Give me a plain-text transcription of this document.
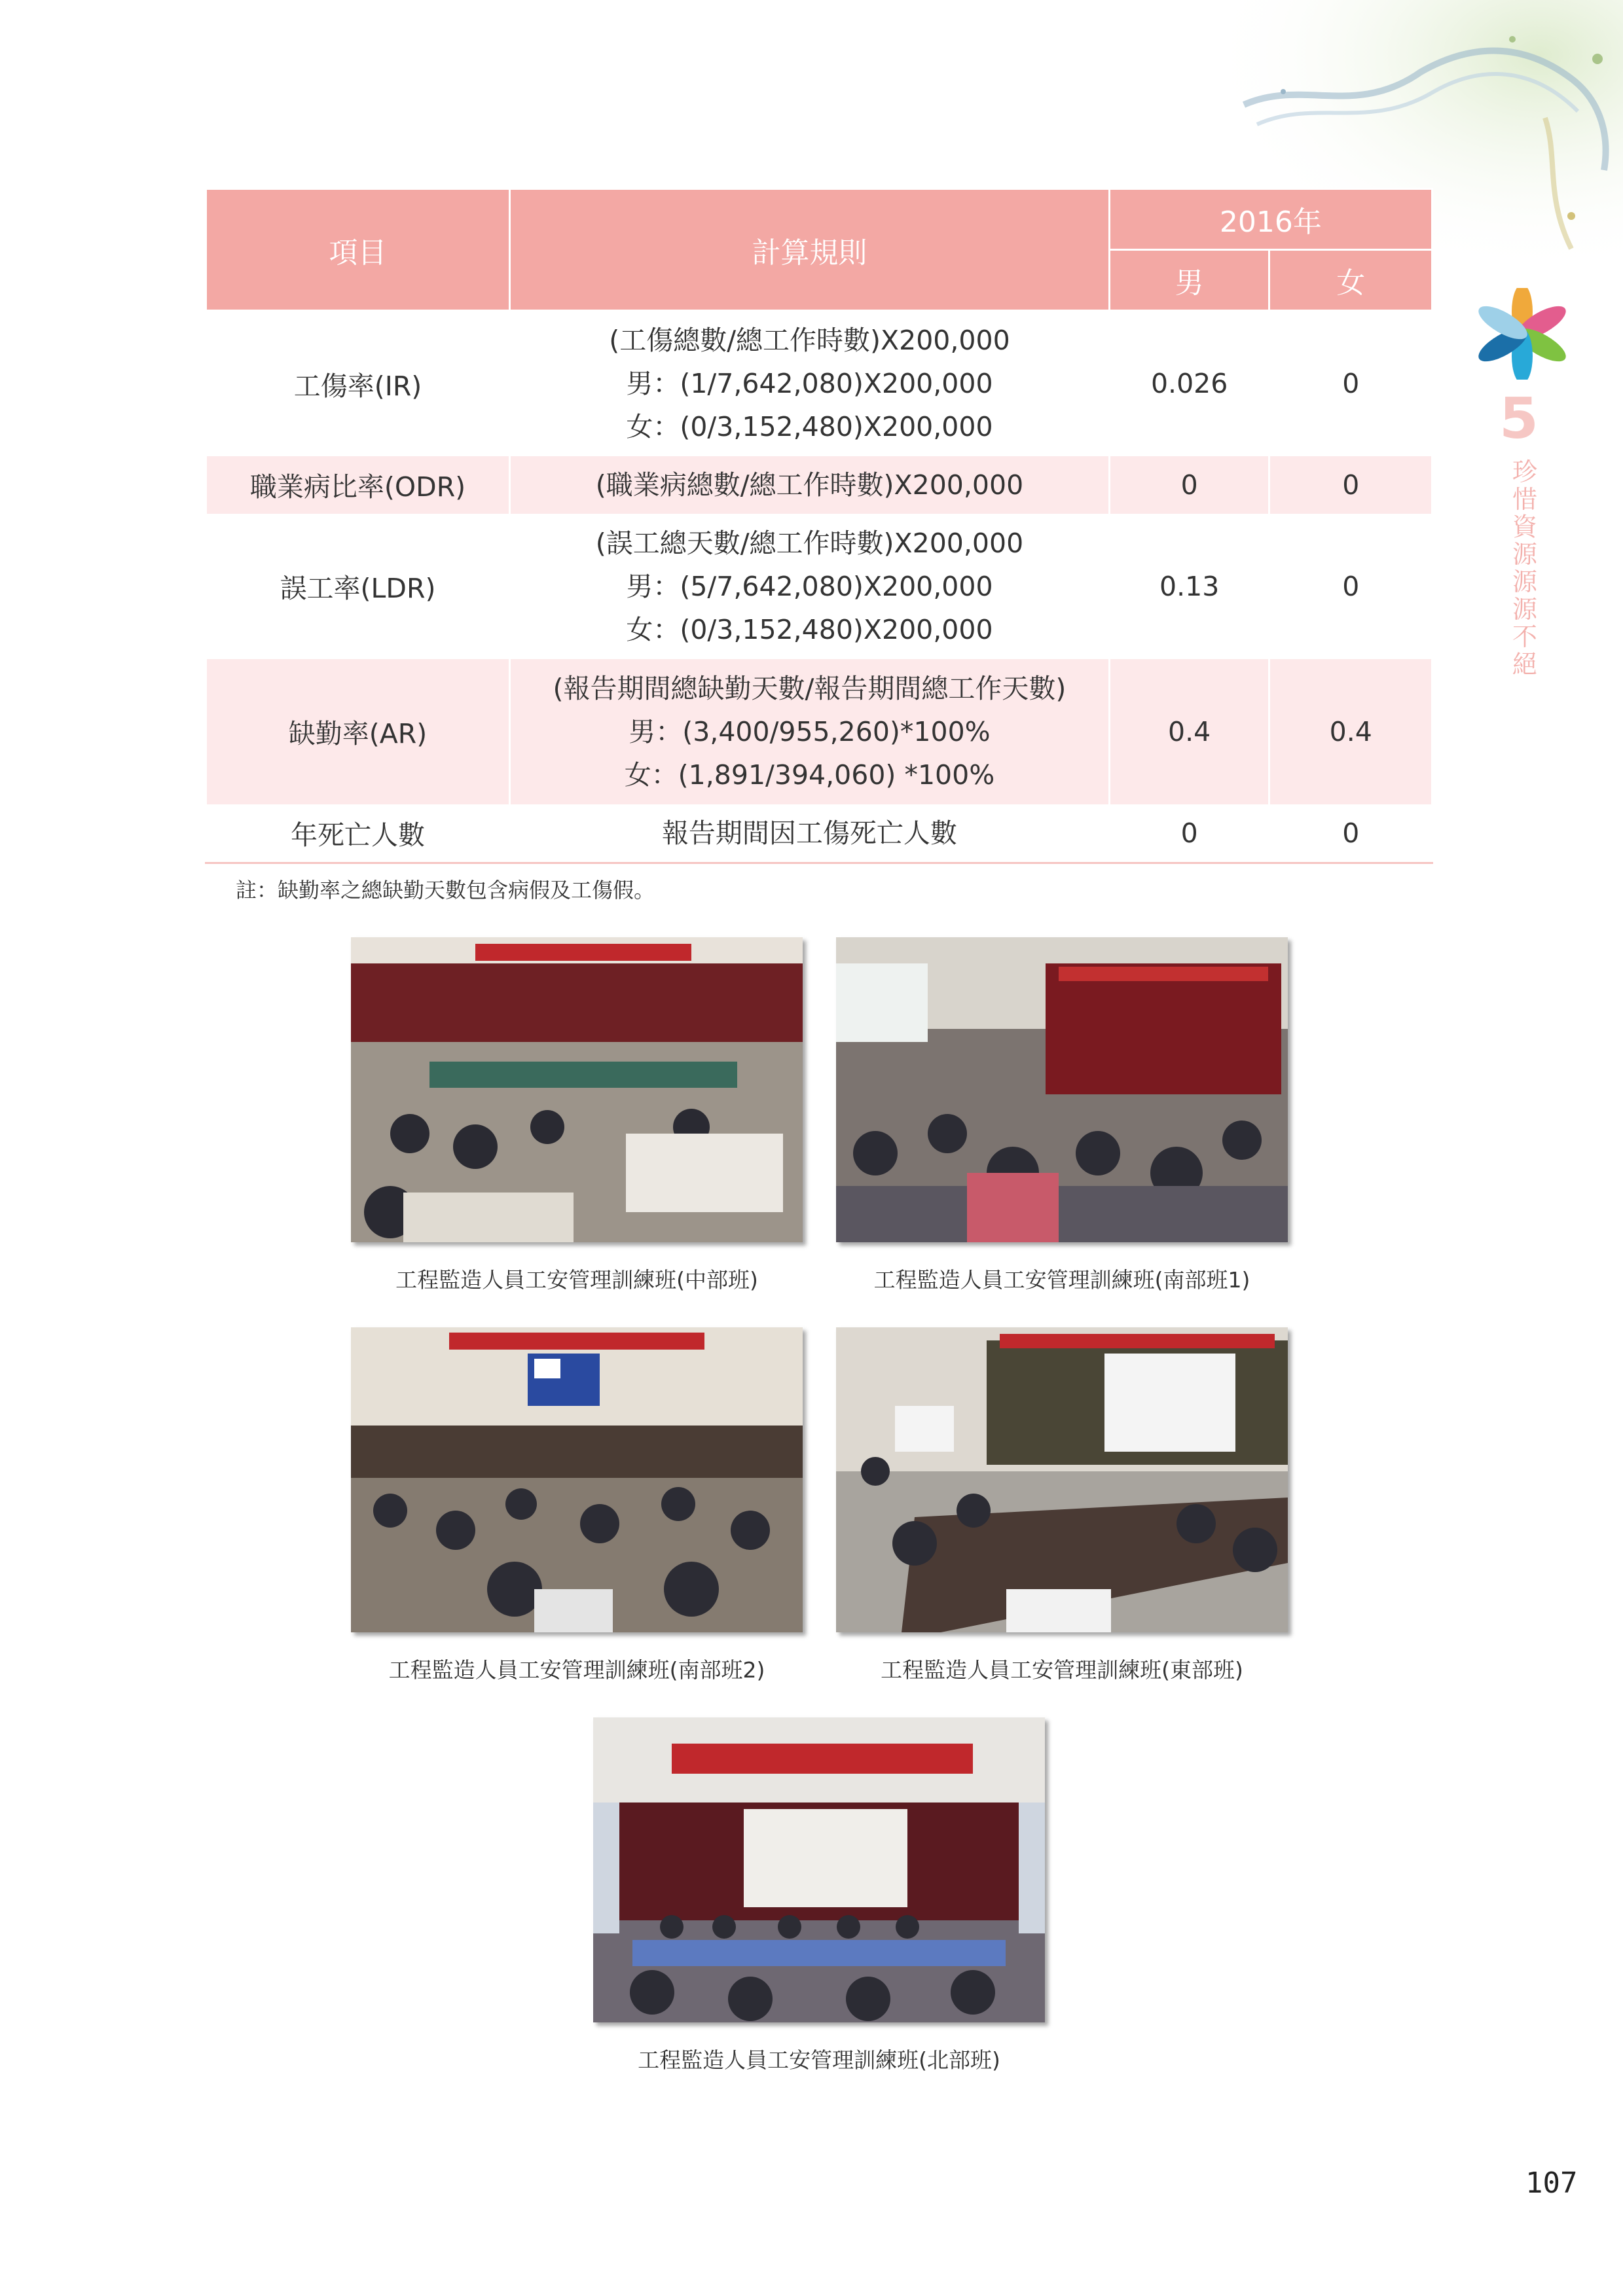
5
珍惜資源 源源不絕
項目	計算規則	2016年	
		男	女
工傷率(IR)	(工傷總數/總工作時數)X200,000
男：(1/7,642,080)X200,000
女：(0/3,152,480)X200,000	0.026	0
職業病比率(ODR)	(職業病總數/總工作時數)X200,000	0	0
誤工率(LDR)	(誤工總天數/總工作時數)X200,000
男：(5/7,642,080)X200,000
女：(0/3,152,480)X200,000	0.13	0
缺勤率(AR)	(報告期間總缺勤天數/報告期間總工作天數)
男：(3,400/955,260)*100%
女：(1,891/394,060) *100%	0.4	0.4
年死亡人數	報告期間因工傷死亡人數	0	0
註：缺勤率之總缺勤天數包含病假及工傷假。
工程監造人員工安管理訓練班(中部班)	工程監造人員工安管理訓練班(南部班1)
工程監造人員工安管理訓練班(南部班2)	工程監造人員工安管理訓練班(東部班)
工程監造人員工安管理訓練班(北部班)
107
